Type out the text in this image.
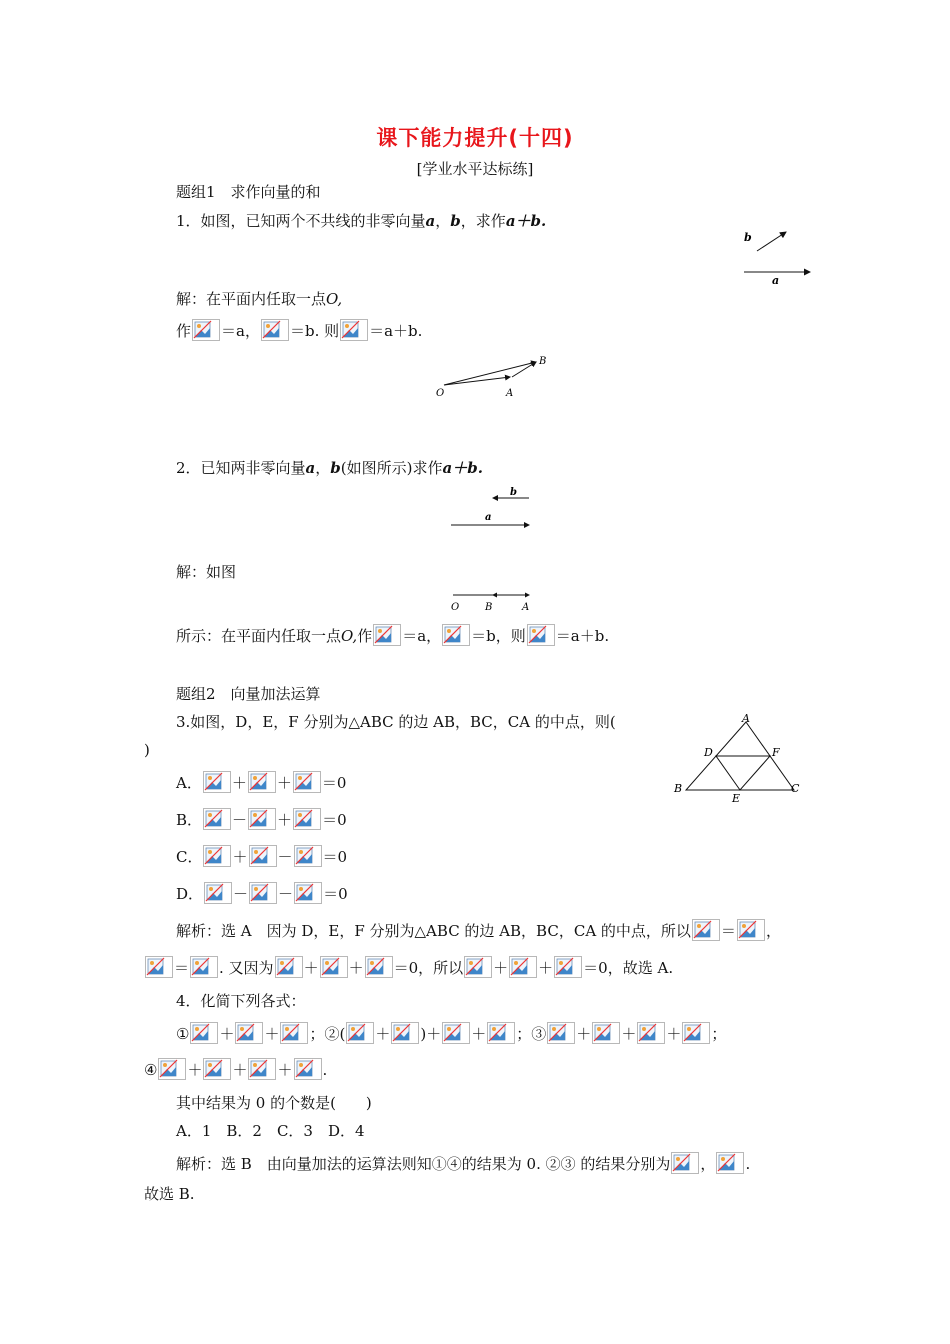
课下能力提升(十四)
[学业水平达标练]
题组1　求作向量的和
1．如图，已知两个不共线的非零向量a，b，求作a＋b.
b
a
解：在平面内任取一点O,
作 ＝a， ＝b. 则 ＝a＋b.
O	A
B
2．已知两非零向量a，b(如图所示)求作a＋b.
b
a
解：如图
O	B	A
所示：在平面内任取一点O,作 ＝a， ＝b，则 ＝a＋b.
题组2　向量加法运算
3.如图，D，E，F 分别为△ABC 的边 AB，BC，CA 的中点，则(
)
A
B	C
D
E
F
A． ＋ ＋ ＝0
B． － ＋ ＝0
C． ＋ － ＝0
D． － － ＝0
解析：选 A　因为 D，E，F 分别为△ABC 的边 AB，BC，CA 的中点，所以 ＝ ，
＝ . 又因为 ＋ ＋ ＝0，所以 ＋ ＋ ＝0，故选 A.
4．化简下列各式：
① ＋ ＋ ；②( ＋ )＋ ＋ ；③ ＋ ＋ ＋ ；
④ ＋ ＋ ＋ .
其中结果为 0 的个数是(　　)
A．1　B．2　C．3　D．4
解析：选 B　由向量加法的运算法则知①④的结果为 0. ②③ 的结果分别为 ， .
故选 B.
